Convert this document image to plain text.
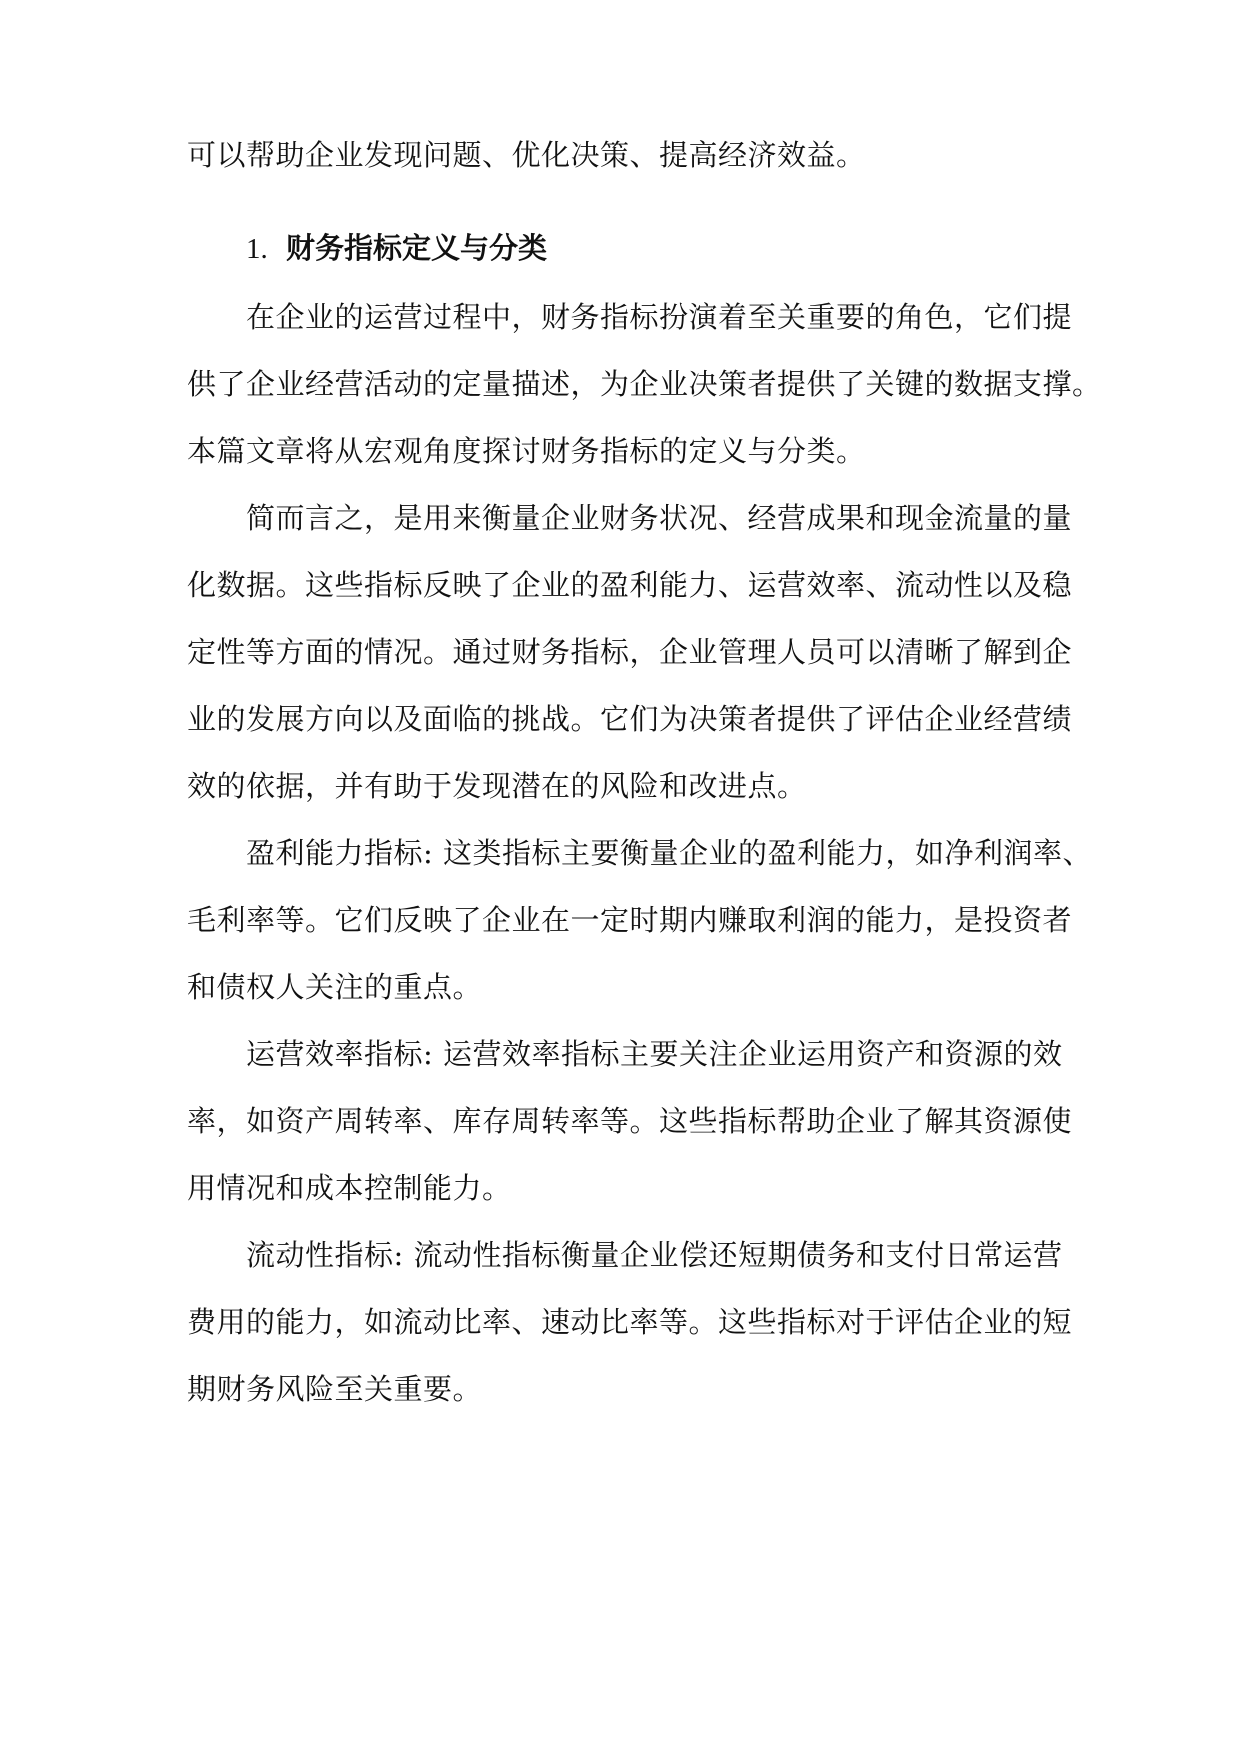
可以帮助企业发现问题、优化决策、提高经济效益。
1. 财务指标定义与分类
在企业的运营过程中，财务指标扮演着至关重要的角色，它们提
供了企业经营活动的定量描述，为企业决策者提供了关键的数据支撑。
本篇文章将从宏观角度探讨财务指标的定义与分类。
简而言之，是用来衡量企业财务状况、经营成果和现金流量的量
化数据。这些指标反映了企业的盈利能力、运营效率、流动性以及稳
定性等方面的情况。通过财务指标，企业管理人员可以清晰了解到企
业的发展方向以及面临的挑战。它们为决策者提供了评估企业经营绩
效的依据，并有助于发现潜在的风险和改进点。
盈利能力指标: 这类指标主要衡量企业的盈利能力，如净利润率、
毛利率等。它们反映了企业在一定时期内赚取利润的能力，是投资者
和债权人关注的重点。
运营效率指标: 运营效率指标主要关注企业运用资产和资源的效
率，如资产周转率、库存周转率等。这些指标帮助企业了解其资源使
用情况和成本控制能力。
流动性指标: 流动性指标衡量企业偿还短期债务和支付日常运营
费用的能力，如流动比率、速动比率等。这些指标对于评估企业的短
期财务风险至关重要。
